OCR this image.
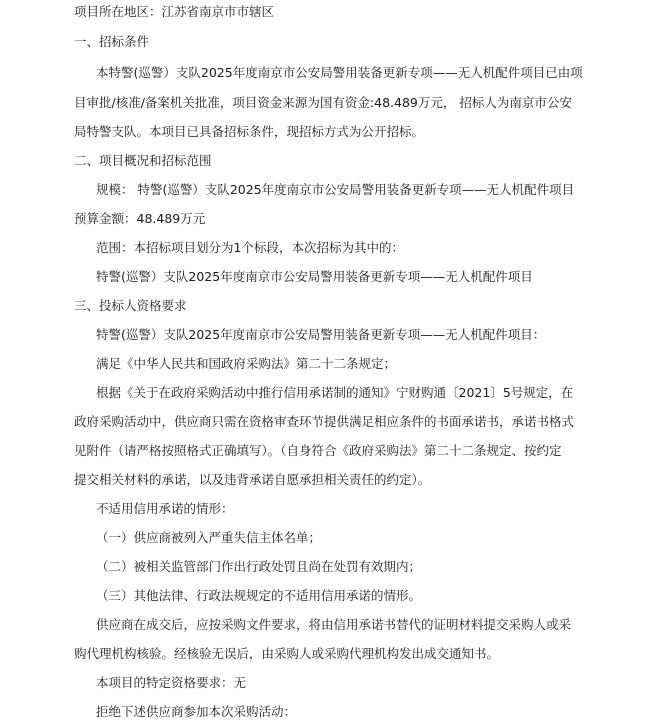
项目所在地区：江苏省南京市市辖区
一、招标条件
本特警(巡警）支队2025年度南京市公安局警用装备更新专项——无人机配件项目已由项
目审批/核准/备案机关批准，项目资金来源为国有资金:48.489万元， 招标人为南京市公安
局特警支队。本项目已具备招标条件，现招标方式为公开招标。
二、项目概况和招标范围
规模： 特警(巡警）支队2025年度南京市公安局警用装备更新专项——无人机配件项目
预算金额：48.489万元
范围：本招标项目划分为1个标段，本次招标为其中的：
特警(巡警）支队2025年度南京市公安局警用装备更新专项——无人机配件项目
三、投标人资格要求
特警(巡警）支队2025年度南京市公安局警用装备更新专项——无人机配件项目：
满足《中华人民共和国政府采购法》第二十二条规定；
根据《关于在政府采购活动中推行信用承诺制的通知》宁财购通〔2021〕5号规定，在
政府采购活动中，供应商只需在资格审查环节提供满足相应条件的书面承诺书，承诺书格式
见附件（请严格按照格式正确填写）。（自身符合《政府采购法》第二十二条规定、按约定
提交相关材料的承诺，以及违背承诺自愿承担相关责任的约定）。
不适用信用承诺的情形：
（一）供应商被列入严重失信主体名单；
（二）被相关监管部门作出行政处罚且尚在处罚有效期内；
（三）其他法律、行政法规规定的不适用信用承诺的情形。
供应商在成交后，应按采购文件要求，将由信用承诺书替代的证明材料提交采购人或采
购代理机构核验。经核验无误后，由采购人或采购代理机构发出成交通知书。
本项目的特定资格要求：无
拒绝下述供应商参加本次采购活动：
